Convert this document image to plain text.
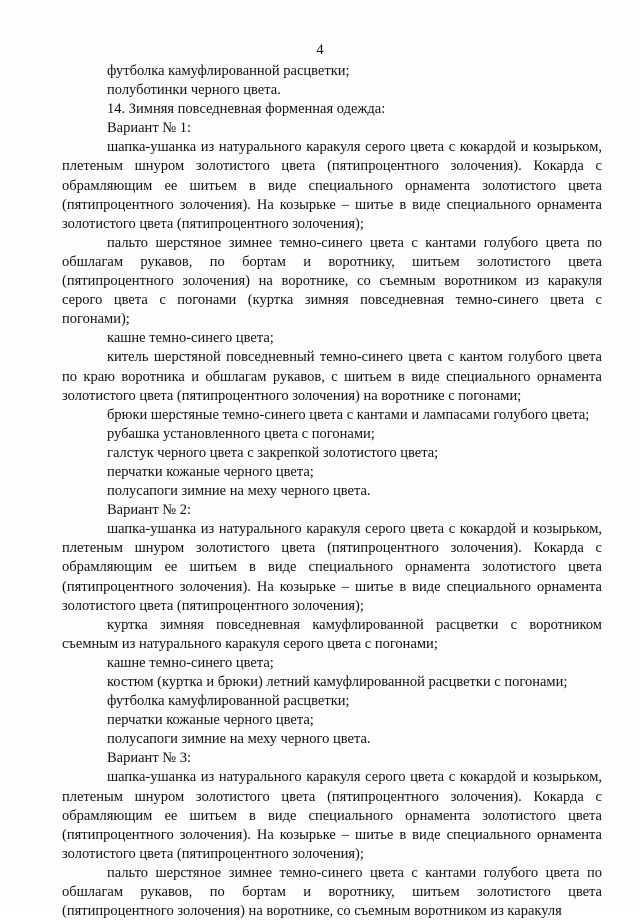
4

футболка камуфлированной расцветки;

полуботинки черного цвета.

14. Зимняя повседневная форменная одежда:

Вариант № 1:

шапка-ушанка из натурального каракуля серого цвета с кокардой и козырьком, плетеным шнуром золотистого цвета (пятипроцентного золочения). Кокарда с обрамляющим ее шитьем в виде специального орнамента золотистого цвета (пятипроцентного золочения). На козырьке – шитье в виде специального орнамента золотистого цвета (пятипроцентного золочения);

пальто шерстяное зимнее темно-синего цвета с кантами голубого цвета по обшлагам рукавов, по бортам и воротнику, шитьем золотистого цвета (пятипроцентного золочения) на воротнике, со съемным воротником из каракуля серого цвета с погонами (куртка зимняя повседневная темно-синего цвета с погонами);

кашне темно-синего цвета;

китель шерстяной повседневный темно-синего цвета с кантом голубого цвета по краю воротника и обшлагам рукавов, с шитьем в виде специального орнамента золотистого цвета (пятипроцентного золочения) на воротнике с погонами;

брюки шерстяные темно-синего цвета с кантами и лампасами голубого цвета;

рубашка установленного цвета с погонами;

галстук черного цвета с закрепкой золотистого цвета;

перчатки кожаные черного цвета;

полусапоги зимние на меху черного цвета.

Вариант № 2:

шапка-ушанка из натурального каракуля серого цвета с кокардой и козырьком, плетеным шнуром золотистого цвета (пятипроцентного золочения). Кокарда с обрамляющим ее шитьем в виде специального орнамента золотистого цвета (пятипроцентного золочения). На козырьке – шитье в виде специального орнамента золотистого цвета (пятипроцентного золочения);

куртка зимняя повседневная камуфлированной расцветки с воротником съемным из натурального каракуля серого цвета с погонами;

кашне темно-синего цвета;

костюм (куртка и брюки) летний камуфлированной расцветки с погонами;

футболка камуфлированной расцветки;

перчатки кожаные черного цвета;

полусапоги зимние на меху черного цвета.

Вариант № 3:

шапка-ушанка из натурального каракуля серого цвета с кокардой и козырьком, плетеным шнуром золотистого цвета (пятипроцентного золочения). Кокарда с обрамляющим ее шитьем в виде специального орнамента золотистого цвета (пятипроцентного золочения). На козырьке – шитье в виде специального орнамента золотистого цвета (пятипроцентного золочения);

пальто шерстяное зимнее темно-синего цвета с кантами голубого цвета по обшлагам рукавов, по бортам и воротнику, шитьем золотистого цвета (пятипроцентного золочения) на воротнике, со съемным воротником из каракуля
